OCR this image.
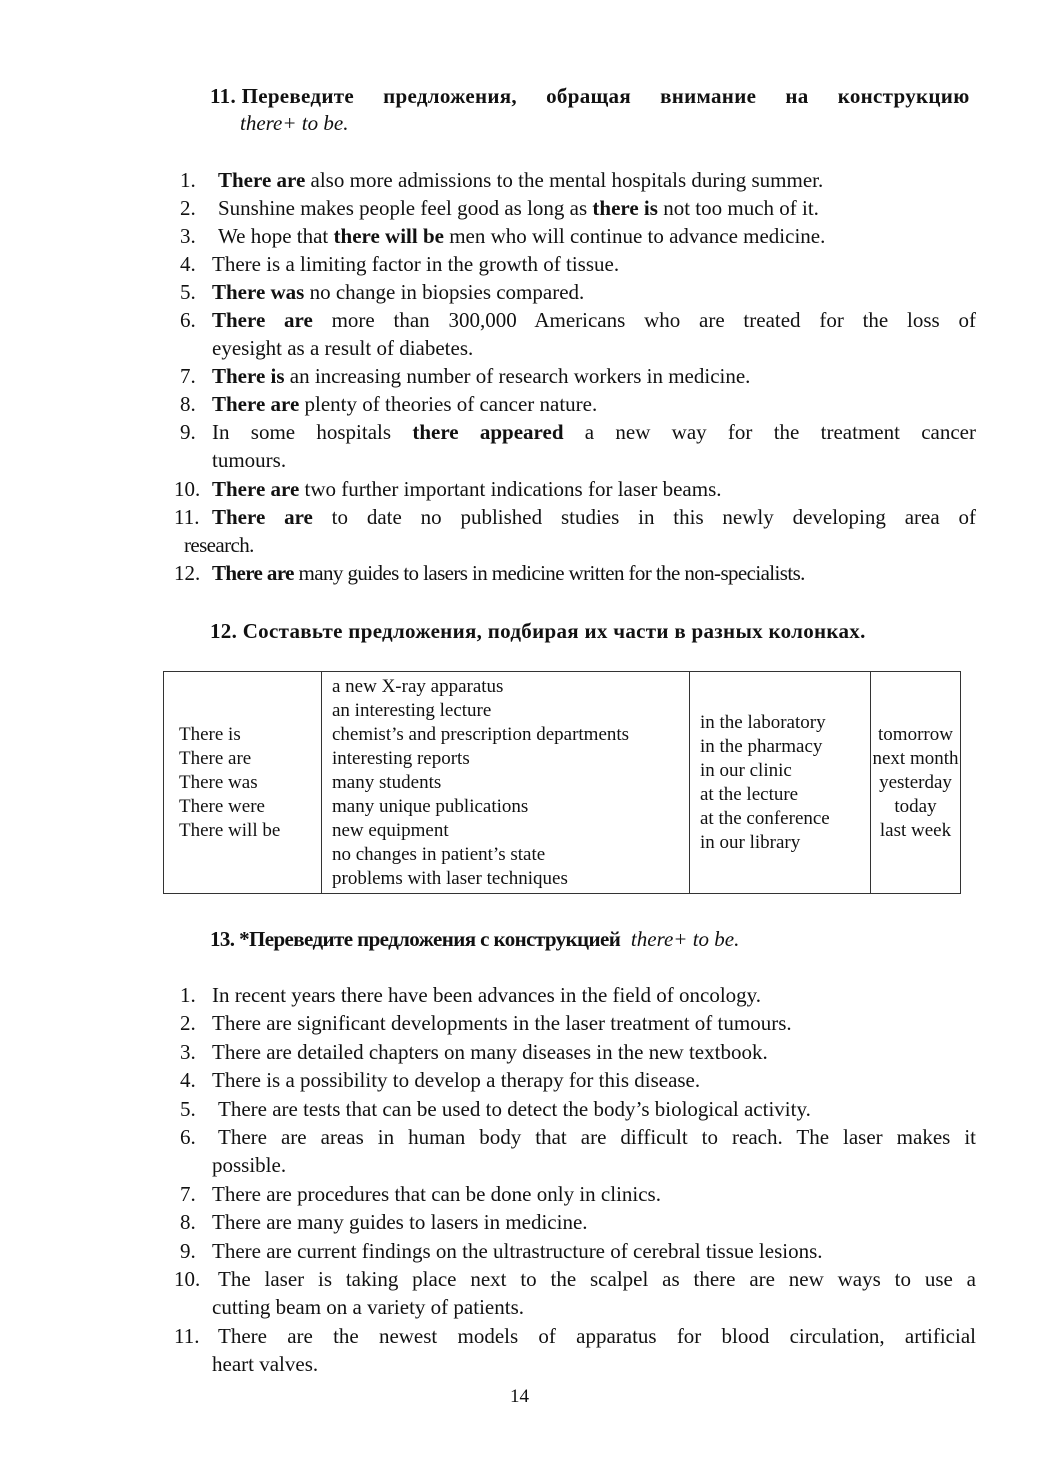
11. Переведите предложения, обращая внимание на конструкцию
there+ to be.
1. There are also more admissions to the mental hospitals during summer.
2. Sunshine makes people feel good as long as there is not too much of it.
3. We hope that there will be men who will continue to advance medicine.
4. There is a limiting factor in the growth of tissue.
5. There was no change in biopsies compared.
6. There are more than 300,000 Americans who are treated for the loss of
eyesight as a result of diabetes.
7. There is an increasing number of research workers in medicine.
8. There are plenty of theories of cancer nature.
9. In some hospitals there appeared a new way for the treatment cancer
tumours.
10. There are two further important indications for laser beams.
11. There are to date no published studies in this newly developing area of
research.
12. There are many guides to lasers in medicine written for the non-specialists.
12. Составьте предложения, подбирая их части в разных колонках.
There is
There are
There was
There were
There will be

a new X-ray apparatus
an interesting lecture
chemist’s and prescription departments
interesting reports
many students
many unique publications
new equipment
no changes in patient’s state
problems with laser techniques

in the laboratory
in the pharmacy
in our clinic
at the lecture
at the conference
in our library

tomorrow
next month
yesterday
today
last week
13. *Переведите предложения с конструкцией there+ to be.
1. In recent years there have been advances in the field of oncology.
2. There are significant developments in the laser treatment of tumours.
3. There are detailed chapters on many diseases in the new textbook.
4. There is a possibility to develop a therapy for this disease.
5. There are tests that can be used to detect the body’s biological activity.
6. There are areas in human body that are difficult to reach. The laser makes it
possible.
7. There are procedures that can be done only in clinics.
8. There are many guides to lasers in medicine.
9. There are current findings on the ultrastructure of cerebral tissue lesions.
10. The laser is taking place next to the scalpel as there are new ways to use a
cutting beam on a variety of patients.
11. There are the newest models of apparatus for blood circulation, artificial
heart valves.
14
